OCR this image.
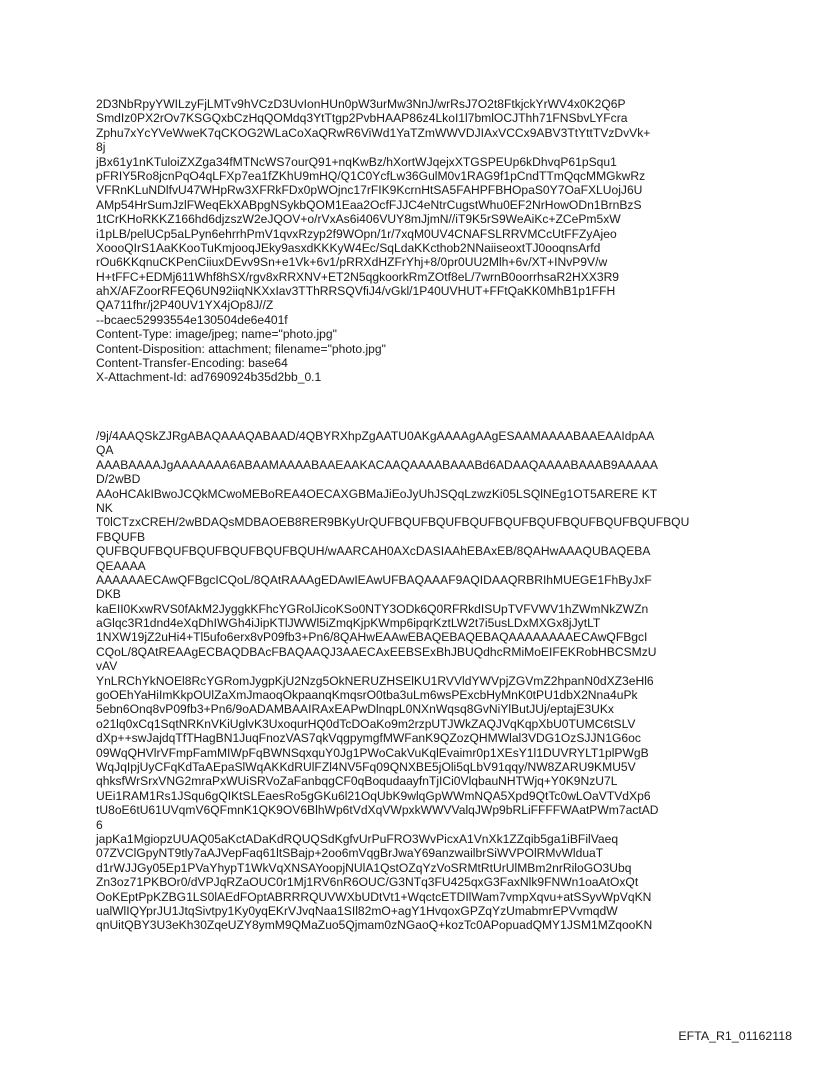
2D3NbRpyYWILzyFjLMTv9hVCzD3UvIonHUn0pW3urMw3NnJ/wrRsJ7O2t8FtkjckYrWV4x0K2Q6P
SmdIz0PX2rOv7KSGQxbCzHqQOMdq3YtTtgp2PvbHAAP86z4LkoI1l7bmlOCJThh71FNSbvLYFcra
Zphu7xYcYVeWweK7qCKOG2WLaCoXaQRwR6ViWd1YaTZmWWVDJIAxVCCx9ABV3TtYttTVzDvVk+
8j
jBx61y1nKTuloiZXZga34fMTNcWS7ourQ91+nqKwBz/hXortWJqejxXTGSPEUp6kDhvqP61pSqu1
pFRIY5Ro8jcnPqO4qLFXp7ea1fZKhU9mHQ/Q1C0YcfLw36GulM0v1RAG9f1pCndTTmQqcMMGkwRz
VFRnKLuNDlfvU47WHpRw3XFRkFDx0pWOjnc17rFIK9KcrnHtSA5FAHPFBHOpaS0Y7OaFXLUojJ6U
AMp54HrSumJzlFWeqEkXABpgNSykbQOM1Eaa2OcfFJJC4eNtrCugstWhu0EF2NrHowODn1BrnBzS
1tCrKHoRKKZ166hd6djzszW2eJQOV+o/rVxAs6i406VUY8mJjmN//iT9K5rS9WeAiKc+ZCePm5xW
i1pLB/pelUCp5aLPyn6ehrrhPmV1qvxRzyp2f9WOpn/1r/7xqM0UV4CNAFSLRRVMCcUtFFZyAjeo
XoooQIrS1AaKKooTuKmjooqJEky9asxdKKKyW4Ec/SqLdaKKcthob2NNaiiseoxtTJ0ooqnsArfd
rOu6KKqnuCKPenCiiuxDEvv9Sn+e1Vk+6v1/pRRXdHZFrYhj+8/0pr0UU2Mlh+6v/XT+INvP9V/w
H+tFFC+EDMj611Whf8hSX/rgv8xRRXNV+ET2N5qgkoorkRmZOtf8eL/7wrnB0oorrhsaR2HXX3R9
ahX/AFZoorRFEQ6UN92iiqNKXxIav3TThRRSQVfiJ4/vGkl/1P40UVHUT+FFtQaKK0MhB1p1FFH
QA711fhr/j2P40UV1YX4jOp8J//Z
--bcaec52993554e130504de6e401f
Content-Type: image/jpeg; name="photo.jpg"
Content-Disposition: attachment; filename="photo.jpg"
Content-Transfer-Encoding: base64
X-Attachment-Id: ad7690924b35d2bb_0.1
/9j/4AAQSkZJRgABAQAAAQABAAD/4QBYRXhpZgAATU0AKgAAAAgAAgESAAMAAAABAAEAAIdpAA
QA
AAABAAAAJgAAAAAAA6ABAAMAAAABAAEAAKACAAQAAAABAAABd6ADAAQAAAABAAAB9AAAAA
D/2wBD
AAoHCAkIBwoJCQkMCwoMEBoREA4OECAXGBMaJiEoJyUhJSQqLzwzKi05LSQlNEg1OT5ARERE KT
NK
T0lCTzxCREH/2wBDAQsMDBAOEB8RER9BKyUrQUFBQUFBQUFBQUFBQUFBQUFBQUFBQUFBQUFBQU
FBQUFB
QUFBQUFBQUFBQUFBQUFBQUFBQUH/wAARCAH0AXcDASIAAhEBAxEB/8QAHwAAAQUBAQEBA
QEAAAA
AAAAAAECAwQFBgcICQoL/8QAtRAAAgEDAwIEAwUFBAQAAAF9AQIDAAQRBRIhMUEGE1FhByJxF
DKB
kaEII0KxwRVS0fAkM2JyggkKFhcYGRolJicoKSo0NTY3ODk6Q0RFRkdISUpTVFVWV1hZWmNkZWZn
aGlqc3R1dnd4eXqDhIWGh4iJipKTlJWWl5iZmqKjpKWmp6ipqrKztLW2t7i5usLDxMXGx8jJytLT
1NXW19jZ2uHi4+Tl5ufo6erx8vP09fb3+Pn6/8QAHwEAAwEBAQEBAQEBAQAAAAAAAAECAwQFBgcI
CQoL/8QAtREAAgECBAQDBAcFBAQAAQJ3AAECAxEEBSExBhJBUQdhcRMiMoEIFEKRobHBCSMzU
vAV
YnLRChYkNOEl8RcYGRomJygpKjU2Nzg5OkNERUZHSElKU1RVVldYWVpjZGVmZ2hpanN0dXZ3eHl6
goOEhYaHiImKkpOUlZaXmJmaoqOkpaanqKmqsrO0tba3uLm6wsPExcbHyMnK0tPU1dbX2Nna4uPk
5ebn6Onq8vP09fb3+Pn6/9oADAMBAAIRAxEAPwDlnqpL0NXnWqsq8GvNiYlButJUj/eptajE3UKx
o21lq0xCq1SqtNRKnVKiUglvK3UxoqurHQ0dTcDOaKo9m2rzpUTJWkZAQJVqKqpXbU0TUMC6tSLV
dXp++swJajdqTfTHagBN1JuqFnozVAS7qkVqgpymgfMWFanK9QZozQHMWlal3VDG1OzSJJN1G6oc
09WqQHVlrVFmpFamMIWpFqBWNSqxquY0Jg1PWoCakVuKqlEvaimr0p1XEsY1l1DUVRYLT1plPWgB
WqJqIpjUyCFqKdTaAEpaSlWqAKKdRUlFZl4NV5Fq09QNXBE5jOli5qLbV91qqy/NW8ZARU9KMU5V
qhksfWrSrxVNG2mraPxWUiSRVoZaFanbqgCF0qBoqudaayfnTjICi0VlqbauNHTWjq+Y0K9NzU7L
UEi1RAM1Rs1JSqu6gQIKtSLEaesRo5gGKu6l21OqUbK9wlqGpWWmNQA5Xpd9QtTc0wLOaVTVdXp6
tU8oE6tU61UVqmV6QFmnK1QK9OV6BlhWp6tVdXqVWpxkWWVValqJWp9bRLiFFFFWAatPWm7actAD
6
japKa1MgiopzUUAQ05aKctADaKdRQUQSdKgfvUrPuFRO3WvPicxA1VnXk1ZZqib5ga1iBFilVaeq
07ZVClGpyNT9tly7aAJVepFaq61ltSBajp+2oo6mVqgBrJwaY69anzwailbrSiWVPOlRMvWlduaT
d1rWJJGy05Ep1PVaYhypT1WkVqXNSAYoopjNUlA1QstOZqYzVoSRMtRtUrUlMBm2nrRiloGO3Ubq
Zn3oz71PKBOr0/dVPJqRZaOUC0r1Mj1RV6nR6OUC/G3NTq3FU425qxG3FaxNlk9FNWn1oaAtOxQt
OoKEptPpKZBG1LS0lAEdFOptABRRRQUVWXbUDtVt1+WqctcETDIlWam7vmpXqvu+atSSyvWpVqKN
ualWlIQYprJU1JtqSivtpy1Ky0yqEKrVJvqNaa1SIl82mO+agY1HvqoxGPZqYzUmabmrEPVvmqdW
qnUitQBY3U3eKh30ZqeUZY8ymM9QMaZuo5Qjmam0zNGaoQ+kozTc0APopuadQMY1JSM1MZqooKN
EFTA_R1_01162118
